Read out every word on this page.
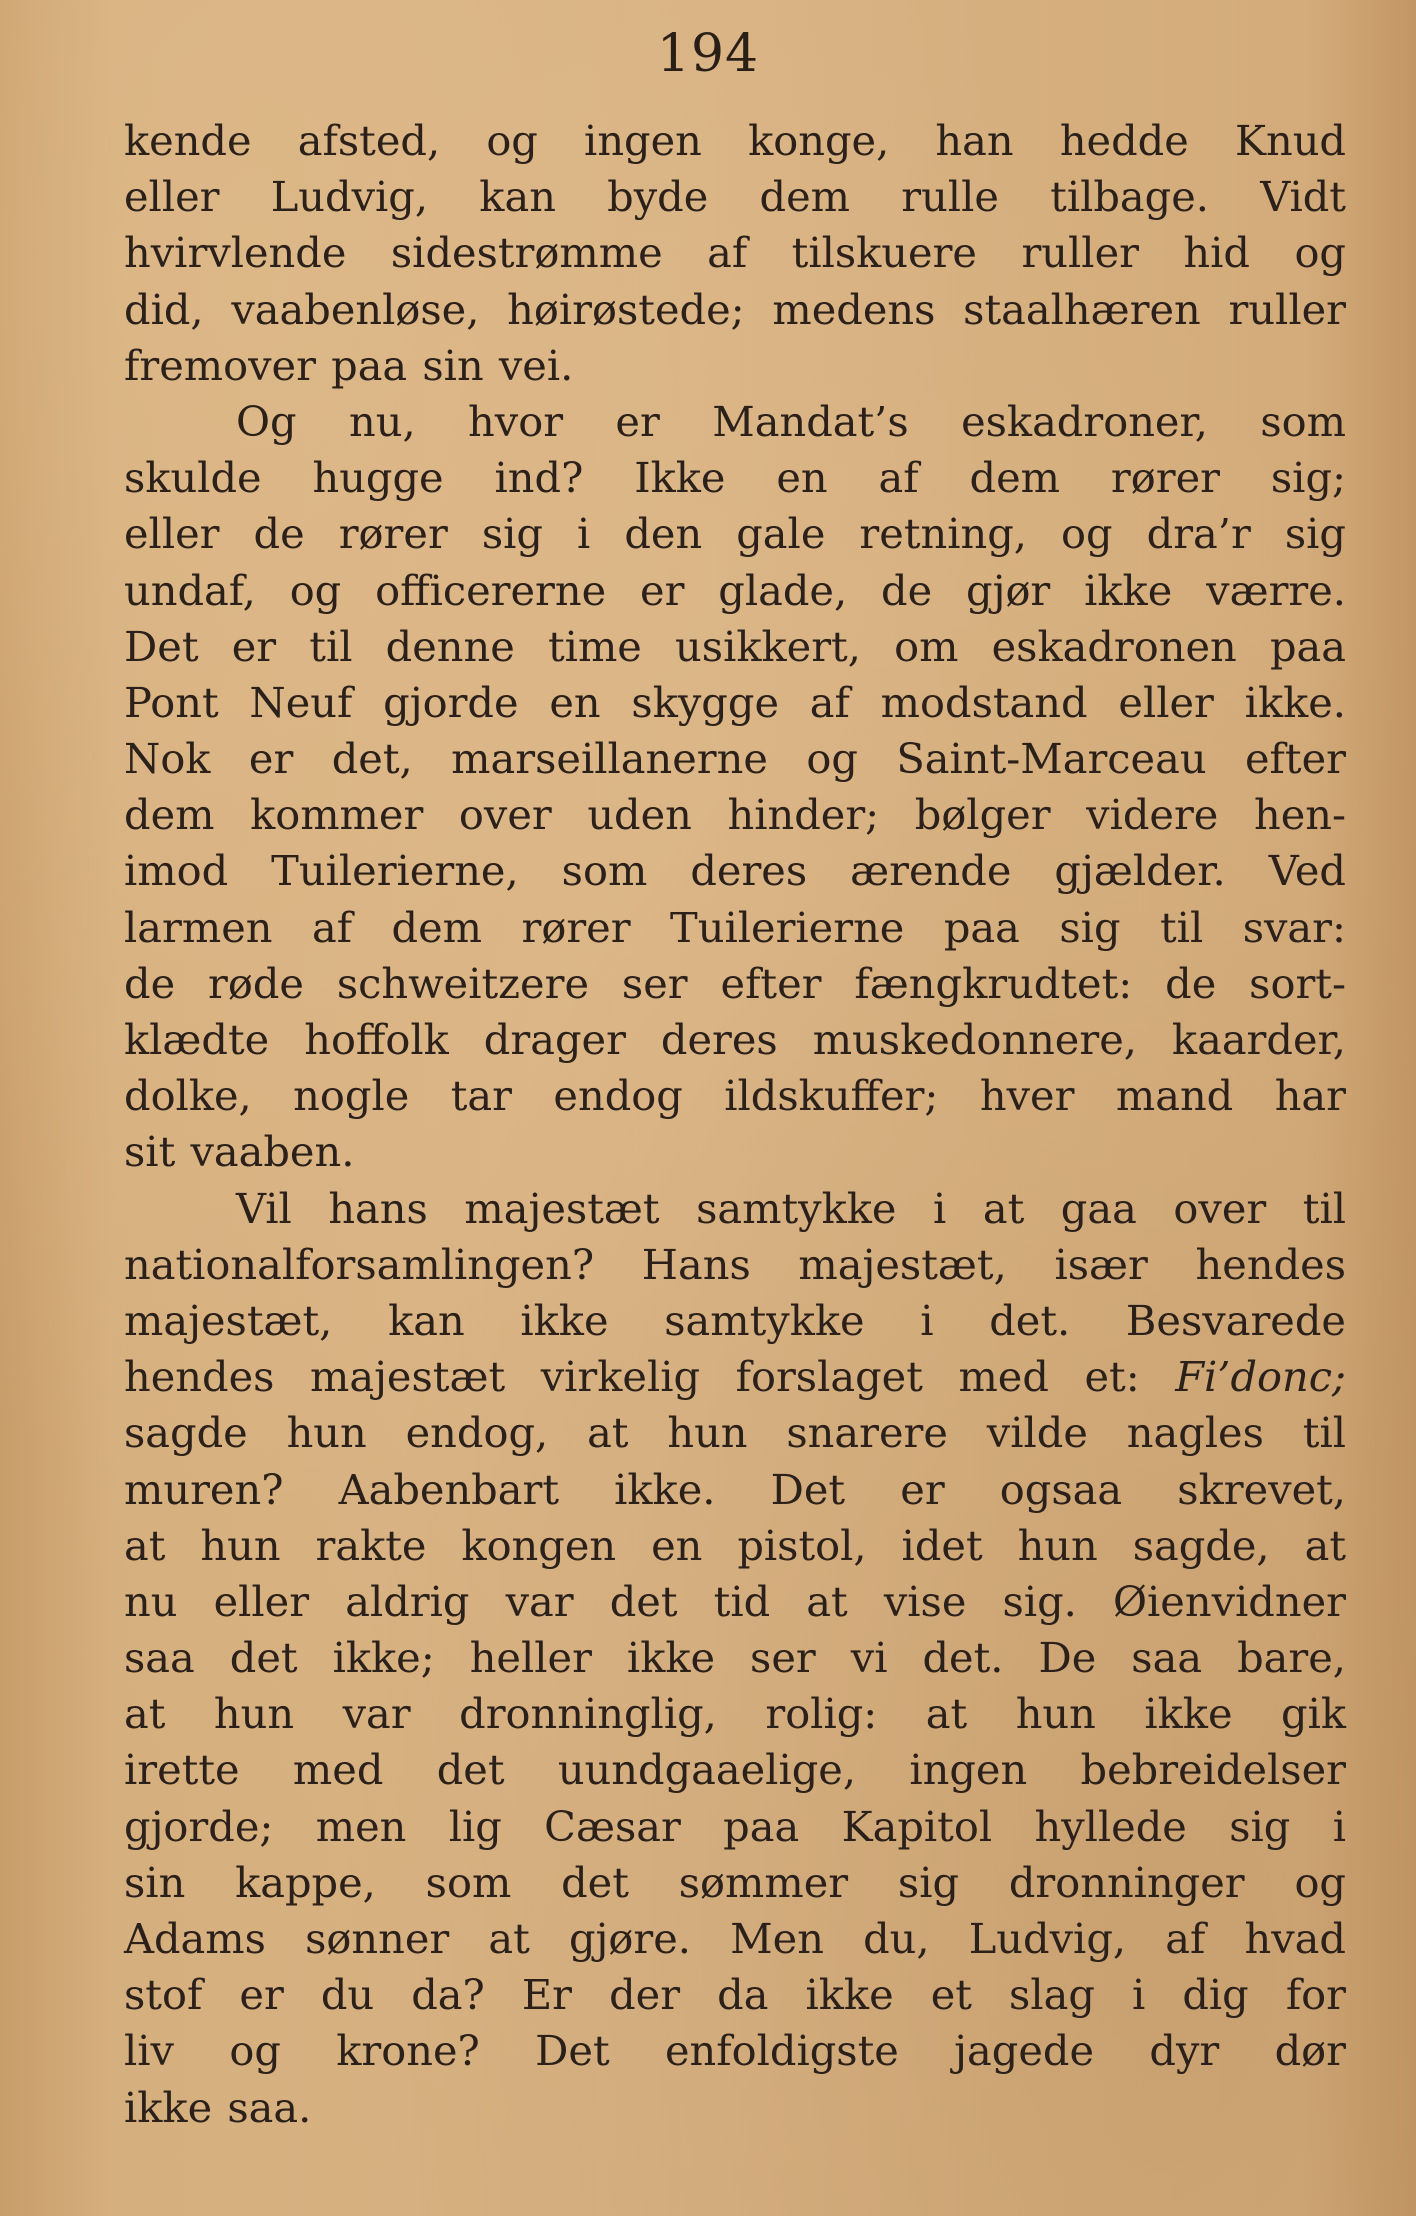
194
kende afsted, og ingen konge, han hedde Knud
eller Ludvig, kan byde dem rulle tilbage. Vidt
hvirvlende sidestrømme af tilskuere ruller hid og
did, vaabenløse, høirøstede; medens staalhæren ruller
fremover paa sin vei.
Og nu, hvor er Mandat’s eskadroner, som
skulde hugge ind? Ikke en af dem rører sig;
eller de rører sig i den gale retning, og dra’r sig
undaf, og officererne er glade, de gjør ikke værre.
Det er til denne time usikkert, om eskadronen paa
Pont Neuf gjorde en skygge af modstand eller ikke.
Nok er det, marseillanerne og Saint-Marceau efter
dem kommer over uden hinder; bølger videre hen-
imod Tuilerierne, som deres ærende gjælder. Ved
larmen af dem rører Tuilerierne paa sig til svar:
de røde schweitzere ser efter fængkrudtet: de sort-
klædte hoffolk drager deres muskedonnere, kaarder,
dolke, nogle tar endog ildskuffer; hver mand har
sit vaaben.
Vil hans majestæt samtykke i at gaa over til
nationalforsamlingen? Hans majestæt, især hendes
majestæt, kan ikke samtykke i det. Besvarede
hendes majestæt virkelig forslaget med et: Fi’donc;
sagde hun endog, at hun snarere vilde nagles til
muren? Aabenbart ikke. Det er ogsaa skrevet,
at hun rakte kongen en pistol, idet hun sagde, at
nu eller aldrig var det tid at vise sig. Øienvidner
saa det ikke; heller ikke ser vi det. De saa bare,
at hun var dronninglig, rolig: at hun ikke gik
irette med det uundgaaelige, ingen bebreidelser
gjorde; men lig Cæsar paa Kapitol hyllede sig i
sin kappe, som det sømmer sig dronninger og
Adams sønner at gjøre. Men du, Ludvig, af hvad
stof er du da? Er der da ikke et slag i dig for
liv og krone? Det enfoldigste jagede dyr dør
ikke saa.
